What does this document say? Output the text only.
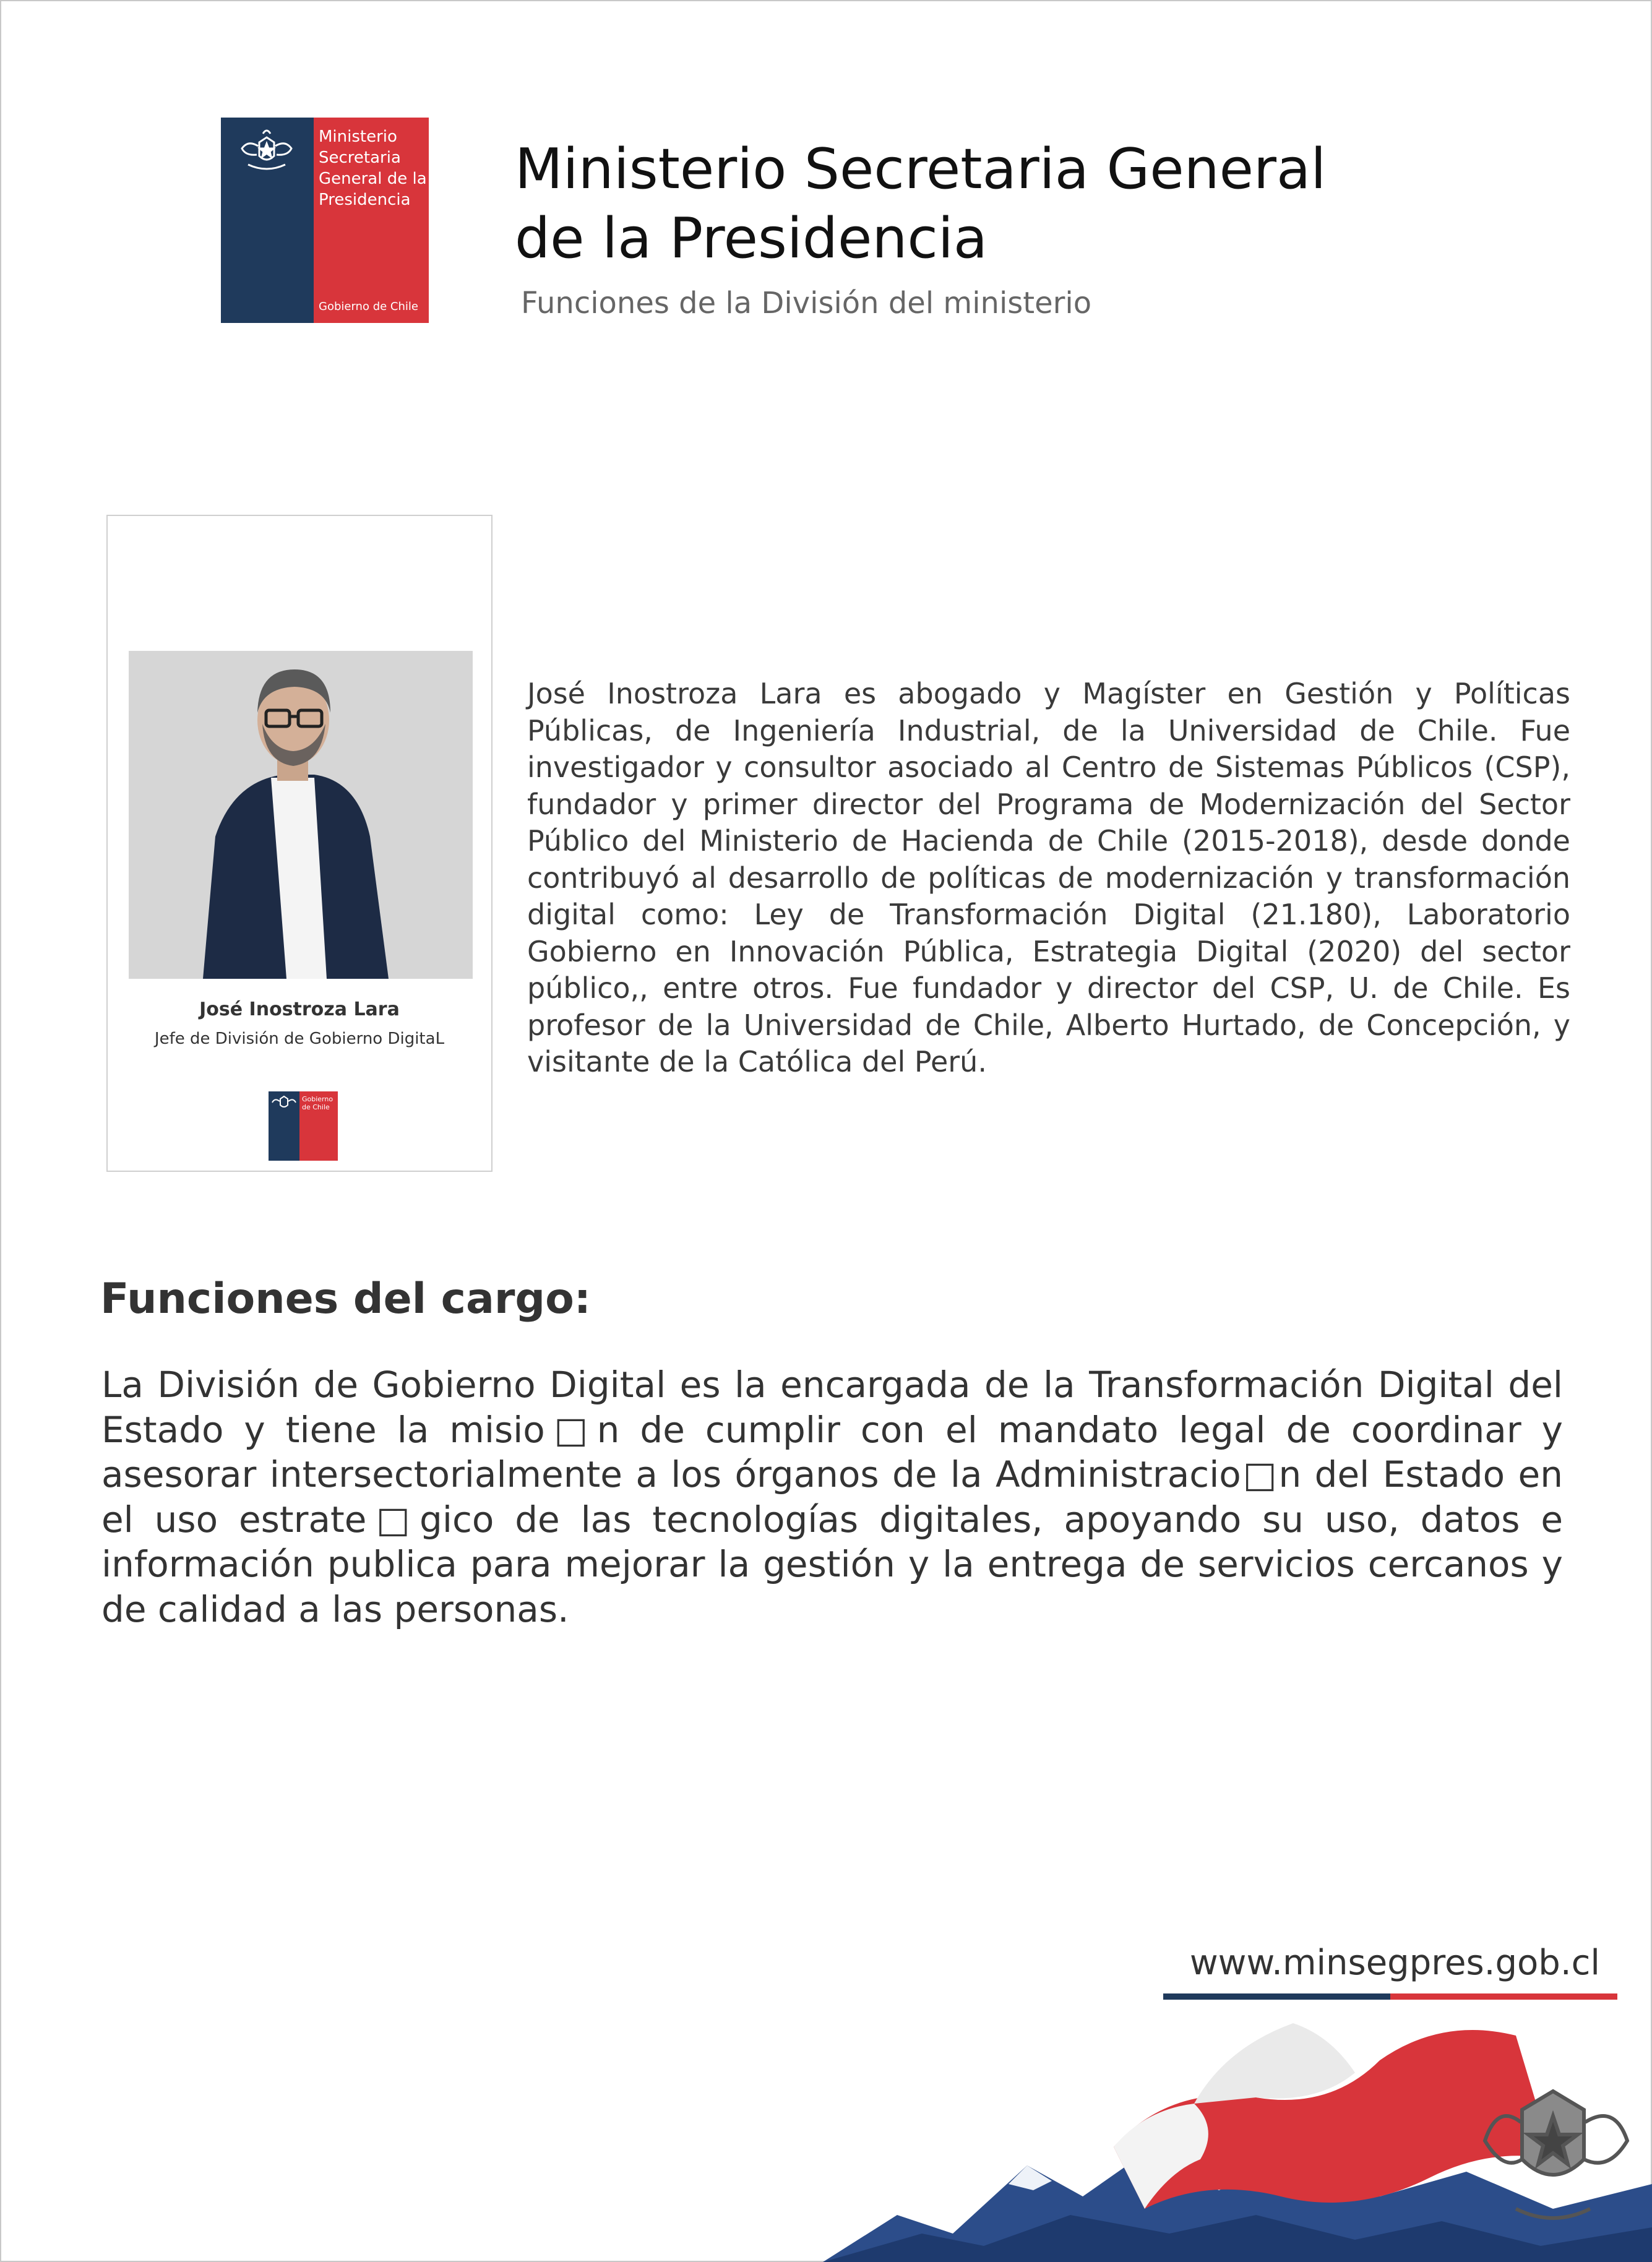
Ministerio
Secretaria
General de la
Presidencia
Gobierno de Chile
Ministerio Secretaria General
de la Presidencia
Funciones de la División del ministerio
José Inostroza Lara
Jefe de División de Gobierno DigitaL
Gobierno
de Chile
José Inostroza Lara es abogado y Magíster en Gestión y Políticas Públicas, de Ingeniería Industrial, de la Universidad de Chile. Fue investigador y consultor asociado al Centro de Sistemas Públicos (CSP), fundador y primer director del Programa de Modernización del Sector Público del Ministerio de Hacienda de Chile (2015-2018), desde donde contribuyó al desarrollo de políticas de modernización y transformación digital como: Ley de Transformación Digital (21.180), Laboratorio Gobierno en Innovación Pública, Estrategia Digital (2020) del sector público,, entre otros. Fue fundador y director del CSP, U. de Chile. Es profesor de la Universidad de Chile, Alberto Hurtado, de Concepción, y visitante de la Católica del Perú.
Funciones del cargo:
La División de Gobierno Digital es la encargada de la Transformación Digital del Estado y tiene la misio□n de cumplir con el mandato legal de coordinar y asesorar intersectorialmente a los órganos de la Administracio□n del Estado en el uso estrate□gico de las tecnologías digitales, apoyando su uso, datos e información publica para mejorar la gestión y la entrega de servicios cercanos y de calidad a las personas.
www.minsegpres.gob.cl
